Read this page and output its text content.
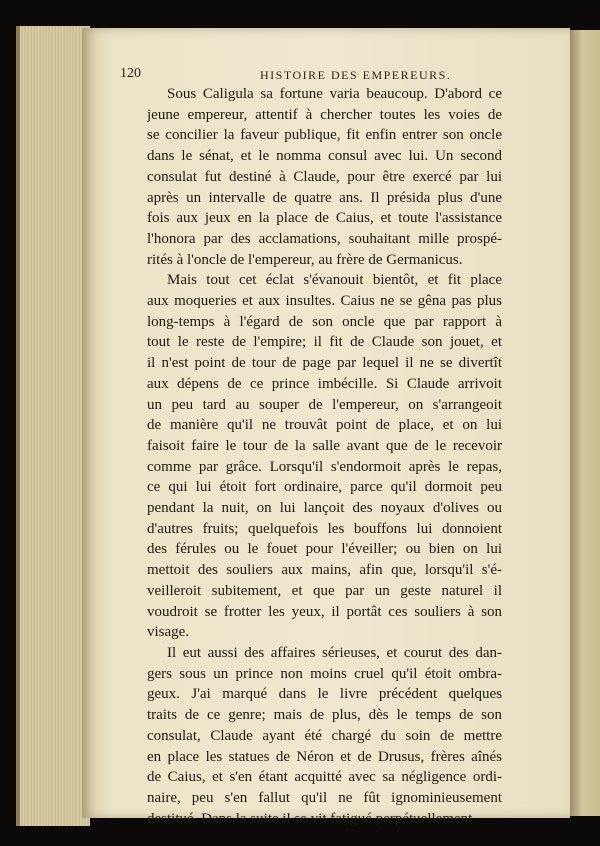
120	HISTOIRE DES EMPEREURS.
Sous Caligula sa fortune varia beaucoup. D'abord ce
jeune empereur, attentif à chercher toutes les voies de
se concilier la faveur publique, fit enfin entrer son oncle
dans le sénat, et le nomma consul avec lui. Un second
consulat fut destiné à Claude, pour être exercé par lui
après un intervalle de quatre ans. Il présida plus d'une
fois aux jeux en la place de Caius, et toute l'assistance
l'honora par des acclamations, souhaitant mille prospé-
rités à l'oncle de l'empereur, au frère de Germanicus.
Mais tout cet éclat s'évanouit bientôt, et fit place
aux moqueries et aux insultes. Caius ne se gêna pas plus
long-temps à l'égard de son oncle que par rapport à
tout le reste de l'empire; il fit de Claude son jouet, et
il n'est point de tour de page par lequel il ne se divertît
aux dépens de ce prince imbécille. Si Claude arrivoit
un peu tard au souper de l'empereur, on s'arrangeoit
de manière qu'il ne trouvât point de place, et on lui
faisoit faire le tour de la salle avant que de le recevoir
comme par grâce. Lorsqu'il s'endormoit après le repas,
ce qui lui étoit fort ordinaire, parce qu'il dormoit peu
pendant la nuit, on lui lançoit des noyaux d'olives ou
d'autres fruits; quelquefois les bouffons lui donnoient
des férules ou le fouet pour l'éveiller; ou bien on lui
mettoit des souliers aux mains, afin que, lorsqu'il s'é-
veilleroit subitement, et que par un geste naturel il
voudroit se frotter les yeux, il portât ces souliers à son
visage.
Il eut aussi des affaires sérieuses, et courut des dan-
gers sous un prince non moins cruel qu'il étoit ombra-
geux. J'ai marqué dans le livre précédent quelques
traits de ce genre; mais de plus, dès le temps de son
consulat, Claude ayant été chargé du soin de mettre
en place les statues de Néron et de Drusus, frères aînés
de Caius, et s'en étant acquitté avec sa négligence ordi-
naire, peu s'en fallut qu'il ne fût ignominieusement
destitué. Dans la suite il se vit fatigué perpétuellement
